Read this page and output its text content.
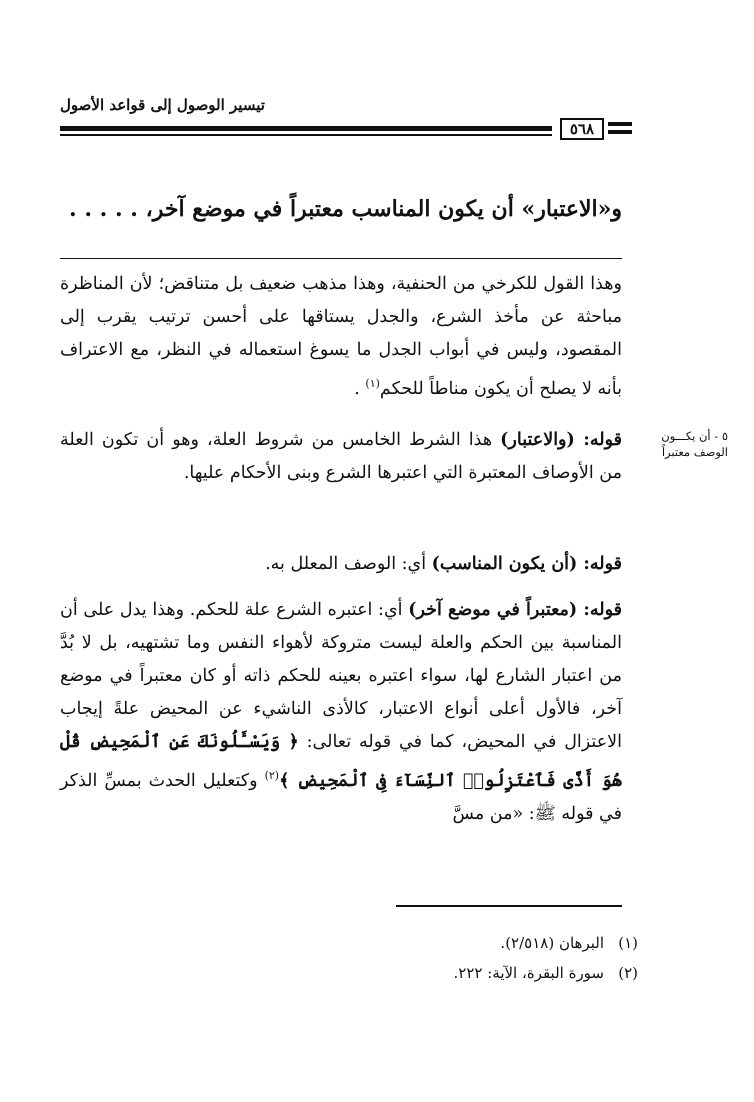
تيسير الوصول إلى قواعد الأصول
٥٦٨
و«الاعتبار» أن يكون المناسب معتبراً في موضع آخر، . . . . .
وهذا القول للكرخي من الحنفية، وهذا مذهب ضعيف بل متناقض؛ لأن المناظرة مباحثة عن مأخذ الشرع، والجدل يستاقها على أحسن ترتيب يقرب إلى المقصود، وليس في أبواب الجدل ما يسوغ استعماله في النظر، مع الاعتراف بأنه لا يصلح أن يكون مناطاً للحكم$^{(١)}$ .
قوله: (والاعتبار) هذا الشرط الخامس من شروط العلة، وهو أن تكون العلة من الأوصاف المعتبرة التي اعتبرها الشرع وبنى الأحكام عليها.
٥ - أن يكـــون الوصف معتبراً
قوله: (أن يكون المناسب) أي: الوصف المعلل به.
قوله: (معتبراً في موضع آخر) أي: اعتبره الشرع علة للحكم. وهذا يدل على أن المناسبة بين الحكم والعلة ليست متروكة لأهواء النفس وما تشتهيه، بل لا بُدَّ من اعتبار الشارع لها، سواء اعتبره بعينه للحكم ذاته أو كان معتبراً في موضع آخر، فالأول أعلى أنواع الاعتبار، كالأذى الناشيء عن المحيض علةً إيجاب الاعتزال في المحيض، كما في قوله تعالى: ﴿ وَيَسْـَٔلُونَكَ عَنِ ٱلْمَحِيضِ قُلْ هُوَ أَذًى فَٱعْتَزِلُوا۟ ٱلنِّسَآءَ فِى ٱلْمَحِيضِ ﴾$^{(٢)}$ وكتعليل الحدث بمسِّ الذكر في قوله ﷺ: «من مسَّ
(١)البرهان (٢/٥١٨).
(٢)سورة البقرة، الآية: ٢٢٢.
